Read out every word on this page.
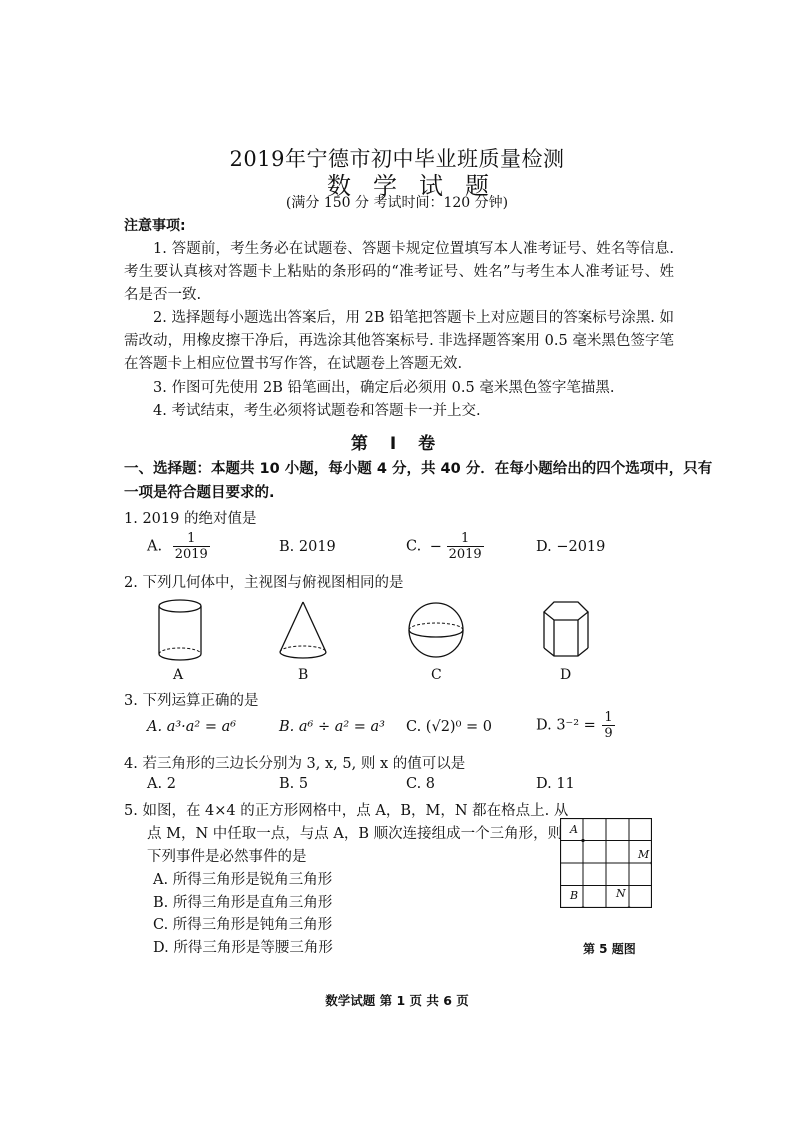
2019年宁德市初中毕业班质量检测
数学试题
(满分 150 分 考试时间：120 分钟)
注意事项:
1. 答题前，考生务必在试题卷、答题卡规定位置填写本人准考证号、姓名等信息. 考生要认真核对答题卡上粘贴的条形码的“准考证号、姓名”与考生本人准考证号、姓名是否一致.
2. 选择题每小题选出答案后，用 2B 铅笔把答题卡上对应题目的答案标号涂黑. 如需改动，用橡皮擦干净后，再选涂其他答案标号. 非选择题答案用 0.5 毫米黑色签字笔在答题卡上相应位置书写作答，在试题卷上答题无效.
3. 作图可先使用 2B 铅笔画出，确定后必须用 0.5 毫米黑色签字笔描黑.
4. 考试结束，考生必须将试题卷和答题卡一并上交.
第 Ⅰ 卷
一、选择题：本题共 10 小题，每小题 4 分，共 40 分．在每小题给出的四个选项中，只有
一项是符合题目要求的.
1. 2019 的绝对值是
A. $\frac{1}{2019}$	B. 2019	C. − $\frac{1}{2019}$	D. −2019
2. 下列几何体中，主视图与俯视图相同的是
A	B	C	D
3. 下列运算正确的是
A. a³·a² = a⁶	B. a⁶ ÷ a² = a³ C. (√2)⁰ = 0	D. $3^{-2} = \frac{1}{9}$
4. 若三角形的三边长分别为 3, x, 5, 则 x 的值可以是
A. 2	B. 5	C. 8	D. 11
5. 如图，在 4×4 的正方形网格中，点 A，B，M，N 都在格点上. 从
点 M，N 中任取一点，与点 A，B 顺次连接组成一个三角形，则
下列事件是必然事件的是
A. 所得三角形是锐角三角形
B. 所得三角形是直角三角形
C. 所得三角形是钝角三角形
D. 所得三角形是等腰三角形
A
B
M
N
第 5 题图
数学试题 第 1 页 共 6 页
